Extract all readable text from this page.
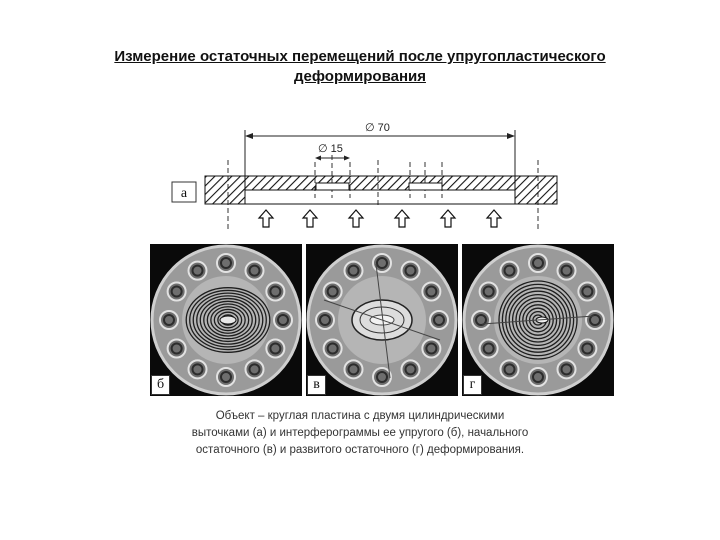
Измерение остаточных перемещений после упругопластического
деформирования
∅ 70
∅ 15
а
б	в	г
Объект – круглая пластина с двумя цилиндрическими
выточками (а) и интерферограммы ее упругого (б), начального
остаточного (в) и развитого остаточного (г) деформирования.
